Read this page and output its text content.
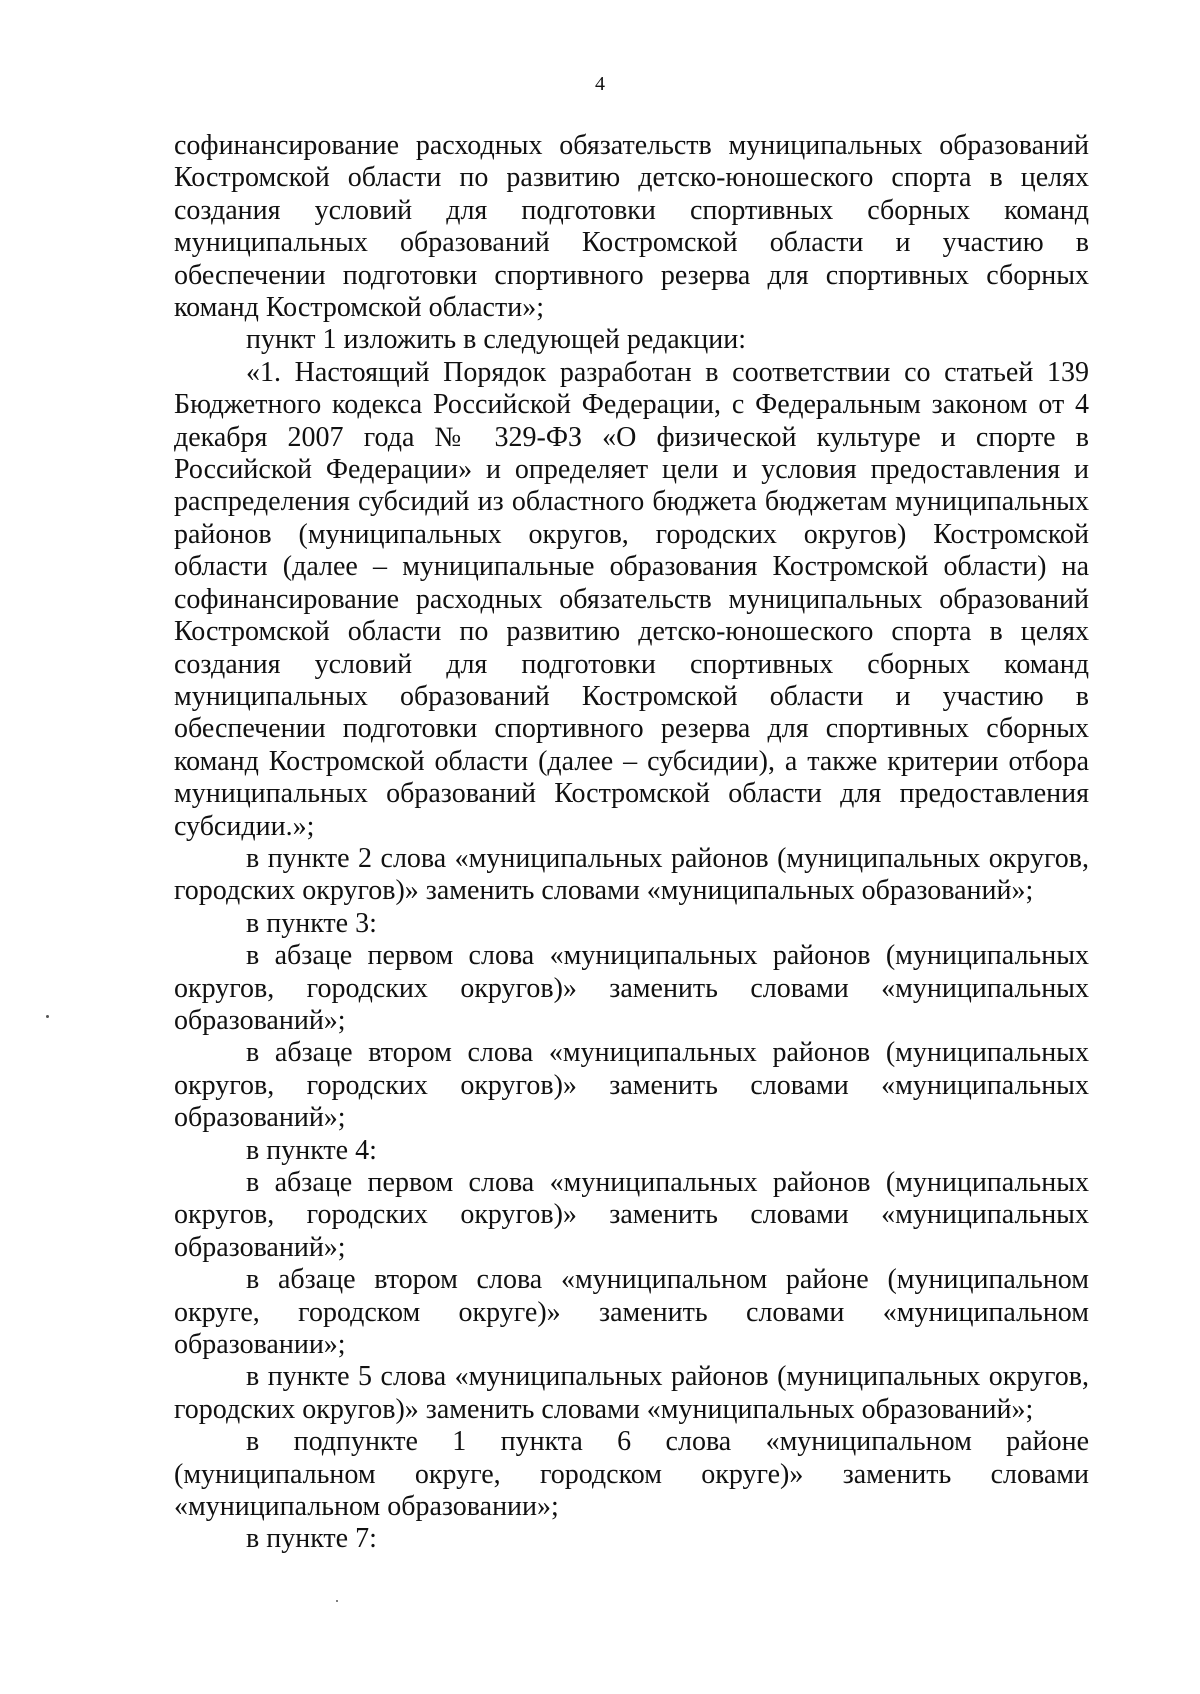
4

софинансирование расходных обязательств муниципальных образований Костромской области по развитию детско-юношеского спорта в целях создания условий для подготовки спортивных сборных команд муниципальных образований Костромской области и участию в обеспечении подготовки спортивного резерва для спортивных сборных команд Костромской области»;

пункт 1 изложить в следующей редакции:

«1. Настоящий Порядок разработан в соответствии со статьей 139 Бюджетного кодекса Российской Федерации, с Федеральным законом от 4 декабря 2007 года № 329-ФЗ «О физической культуре и спорте в Российской Федерации» и определяет цели и условия предоставления и распределения субсидий из областного бюджета бюджетам муниципальных районов (муниципальных округов, городских округов) Костромской области (далее – муниципальные образования Костромской области) на софинансирование расходных обязательств муниципальных образований Костромской области по развитию детско-юношеского спорта в целях создания условий для подготовки спортивных сборных команд муниципальных образований Костромской области и участию в обеспечении подготовки спортивного резерва для спортивных сборных команд Костромской области (далее – субсидии), а также критерии отбора муниципальных образований Костромской области для предоставления субсидии.»;

в пункте 2 слова «муниципальных районов (муниципальных округов, городских округов)» заменить словами «муниципальных образований»;

в пункте 3:

в абзаце первом слова «муниципальных районов (муниципальных округов, городских округов)» заменить словами «муниципальных образований»;

в абзаце втором слова «муниципальных районов (муниципальных округов, городских округов)» заменить словами «муниципальных образований»;

в пункте 4:

в абзаце первом слова «муниципальных районов (муниципальных округов, городских округов)» заменить словами «муниципальных образований»;

в абзаце втором слова «муниципальном районе (муниципальном округе, городском округе)» заменить словами «муниципальном образовании»;

в пункте 5 слова «муниципальных районов (муниципальных округов, городских округов)» заменить словами «муниципальных образований»;

в подпункте 1 пункта 6 слова «муниципальном районе (муниципальном округе, городском округе)» заменить словами «муниципальном образовании»;

в пункте 7:
